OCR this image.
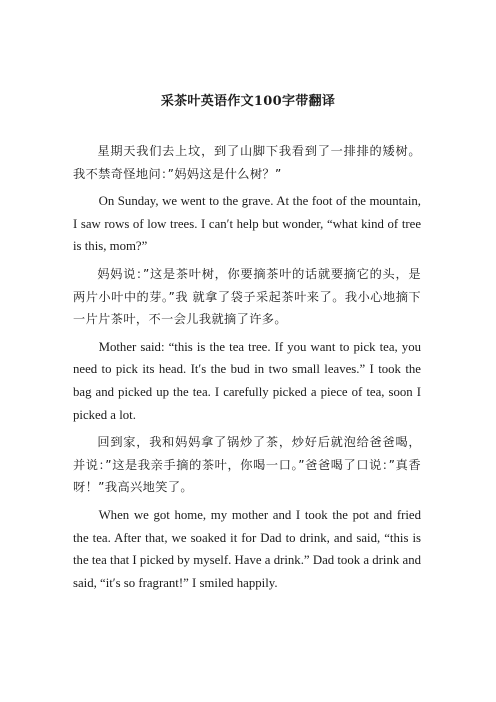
采茶叶英语作文100字带翻译

星期天我们去上坟，到了山脚下我看到了一排排的矮树。我不禁奇怪地问：”妈妈这是什么树？”

On Sunday, we went to the grave. At the foot of the mountain, I saw rows of low trees. I can′t help but wonder, “what kind of tree is this, mom?”

妈妈说：”这是茶叶树，你要摘茶叶的话就要摘它的头，是两片小叶中的芽。”我 就拿了袋子采起茶叶来了。我小心地摘下一片片茶叶，不一会儿我就摘了许多。

Mother said: “this is the tea tree. If you want to pick tea, you need to pick its head. It′s the bud in two small leaves.” I took the bag and picked up the tea. I carefully picked a piece of tea, soon I picked a lot.

回到家，我和妈妈拿了锅炒了茶，炒好后就泡给爸爸喝，并说：”这是我亲手摘的茶叶，你喝一口。”爸爸喝了口说：”真香呀！”我高兴地笑了。

When we got home, my mother and I took the pot and fried the tea. After that, we soaked it for Dad to drink, and said, “this is the tea that I picked by myself. Have a drink.” Dad took a drink and said, “it′s so fragrant!” I smiled happily.
